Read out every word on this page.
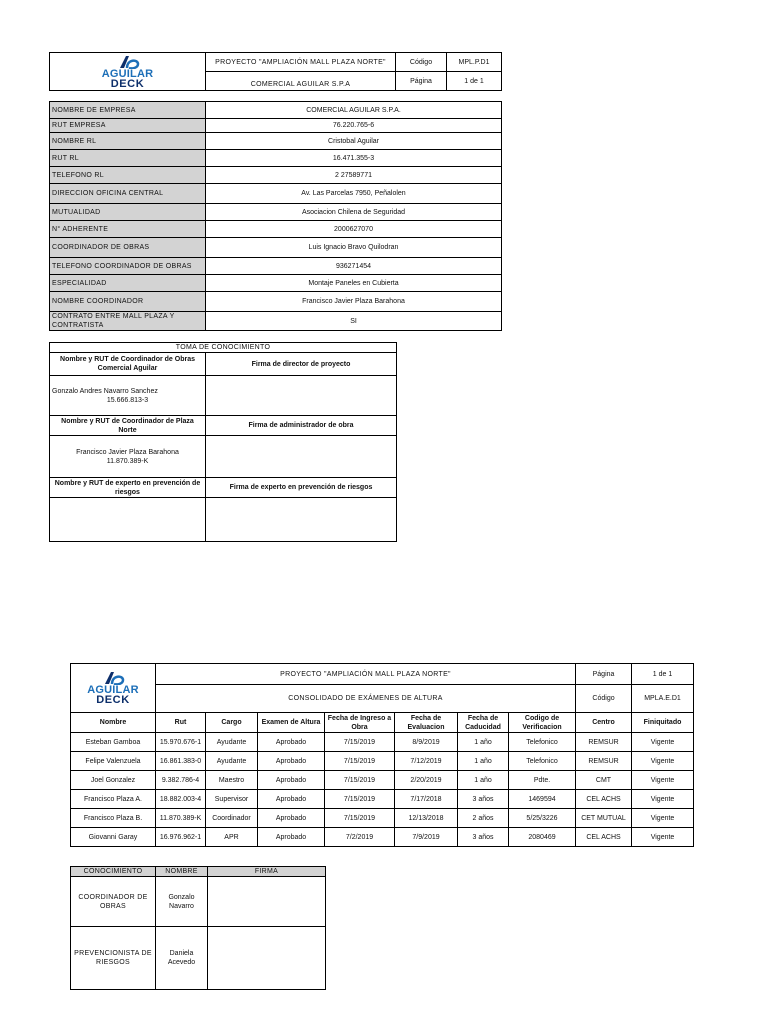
AGUILAR
DECK	PROYECTO "AMPLIACIÓN MALL PLAZA NORTE"	Código	MPL.P.D1
	COMERCIAL AGUILAR S.P.A	Página	1 de 1
NOMBRE DE EMPRESA	COMERCIAL AGUILAR S.P.A.
RUT EMPRESA	76.220.765-6
NOMBRE RL	Cristobal Aguilar
RUT RL	16.471.355-3
TELEFONO RL	2 27589771
DIRECCION OFICINA CENTRAL	Av. Las Parcelas 7950, Peñalolen
MUTUALIDAD	Asociacion Chilena de Seguridad
N° ADHERENTE	2000627070
COORDINADOR DE OBRAS	Luis Ignacio Bravo Quilodran
TELEFONO COORDINADOR DE OBRAS	936271454
ESPECIALIDAD	Montaje Paneles en Cubierta
NOMBRE COORDINADOR	Francisco Javier Plaza Barahona
CONTRATO ENTRE MALL PLAZA Y CONTRATISTA	SI
TOMA DE CONOCIMIENTO	
Nombre y RUT de Coordinador de Obras Comercial Aguilar	Firma de director de proyecto

Gonzalo Andres Navarro Sanchez
15.666.813-3	

Nombre y RUT de Coordinador de Plaza Norte	Firma de administrador de obra

Francisco Javier Plaza Barahona
11.870.389-K	

Nombre y RUT de experto en prevención de riesgos	Firma de experto en prevención de riesgos

AGUILAR
DECK	PROYECTO "AMPLIACIÓN MALL PLAZA NORTE"							Página	1 de 1
	CONSOLIDADO DE EXÁMENES DE ALTURA							Código	MPLA.E.D1
Nombre	Rut	Cargo	Examen de Altura	Fecha de Ingreso a Obra	Fecha de Evaluacion	Fecha de Caducidad	Codigo de Verificacion	Centro	Finiquitado
Esteban Gamboa	15.970.676-1	Ayudante	Aprobado	7/15/2019	8/9/2019	1 año	Telefonico	REMSUR	Vigente
Felipe Valenzuela	16.861.383-0	Ayudante	Aprobado	7/15/2019	7/12/2019	1 año	Telefonico	REMSUR	Vigente
Joel Gonzalez	9.382.786-4	Maestro	Aprobado	7/15/2019	2/20/2019	1 año	Pdte.	CMT	Vigente
Francisco Plaza A.	18.882.003-4	Supervisor	Aprobado	7/15/2019	7/17/2018	3 años	1469594	CEL ACHS	Vigente
Francisco Plaza B.	11.870.389-K	Coordinador	Aprobado	7/15/2019	12/13/2018	2 años	5/25/3226	CET MUTUAL	Vigente
Giovanni Garay	16.976.962-1	APR	Aprobado	7/2/2019	7/9/2019	3 años	2080469	CEL ACHS	Vigente
CONOCIMIENTO	NOMBRE	FIRMA
COORDINADOR DE OBRAS	Gonzalo Navarro	
PREVENCIONISTA DE RIESGOS	Daniela Acevedo	
